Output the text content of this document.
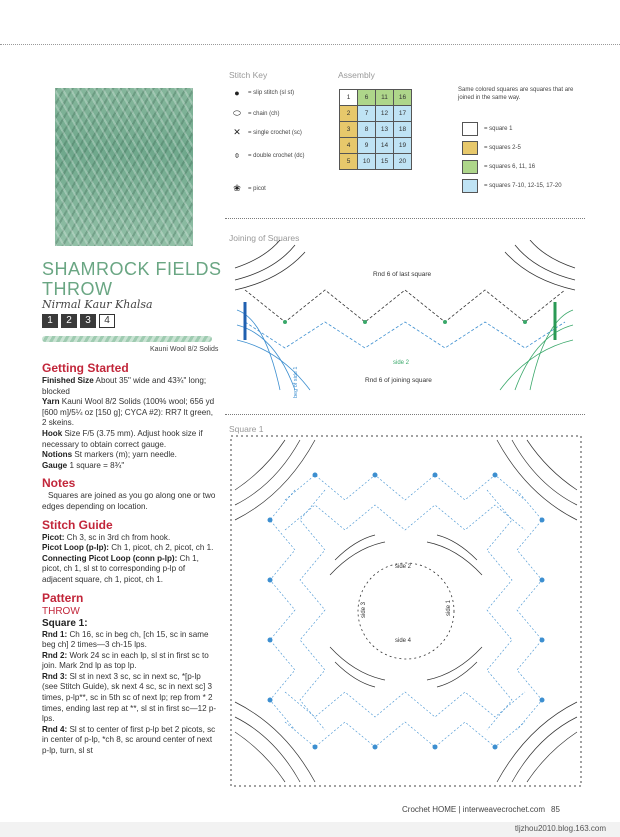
SHAMROCK FIELDS THROW
Nirmal Kaur Khalsa
1	2	3	4
Kauni Wool 8/2 Solids
Getting Started

Finished Size About 35" wide and 43¾" long; blocked

Yarn Kauni Wool 8/2 Solids (100% wool; 656 yd [600 m]/5¼ oz [150 g]; CYCA #2): RR7 lt green, 2 skeins.

Hook Size F/5 (3.75 mm). Adjust hook size if necessary to obtain correct gauge.

Notions St markers (m); yarn needle.

Gauge 1 square = 8¾"

Notes

Squares are joined as you go along one or two edges depending on location.

Stitch Guide

Picot: Ch 3, sc in 3rd ch from hook.

Picot Loop (p-lp): Ch 1, picot, ch 2, picot, ch 1.

Connecting Picot Loop (conn p-lp): Ch 1, picot, ch 1, sl st to corresponding p-lp of adjacent square, ch 1, picot, ch 1.

Pattern
THROW
Square 1:

Rnd 1: Ch 16, sc in beg ch, [ch 15, sc in same beg ch] 2 times—3 ch-15 lps.

Rnd 2: Work 24 sc in each lp, sl st in first sc to join. Mark 2nd lp as top lp.

Rnd 3: Sl st in next 3 sc, sc in next sc, *[p-lp (see Stitch Guide), sk next 4 sc, sc in next sc] 3 times, p-lp**, sc in 5th sc of next lp; rep from * 2 times, ending last rep at **, sl st in first sc—12 p-lps.

Rnd 4: Sl st to center of first p-lp bet 2 picots, sc in center of p-lp, *ch 8, sc around center of next p-lp, turn, sl st

Stitch Key
●	= slip stitch (sl st)
⬭	= chain (ch)
✕	= single crochet (sc)
⌽	= double crochet (dc)
❀	= picot
Assembly
1	6	11	16
2	7	12	17
3	8	13	18
4	9	14	19
5	10	15	20
Same colored squares are squares that are joined in the same way.
= square 1
= squares 2-5
= squares 6, 11, 16
= squares 7-10, 12-15, 17-20
Joining of Squares
Rnd 6 of last square
Rnd 6 of joining square
side 2
beg of side 1
Square 1
side 2
side 3	side 1
side 4
Crochet HOME | interweavecrochet.com 85
tljzhou2010.blog.163.com
